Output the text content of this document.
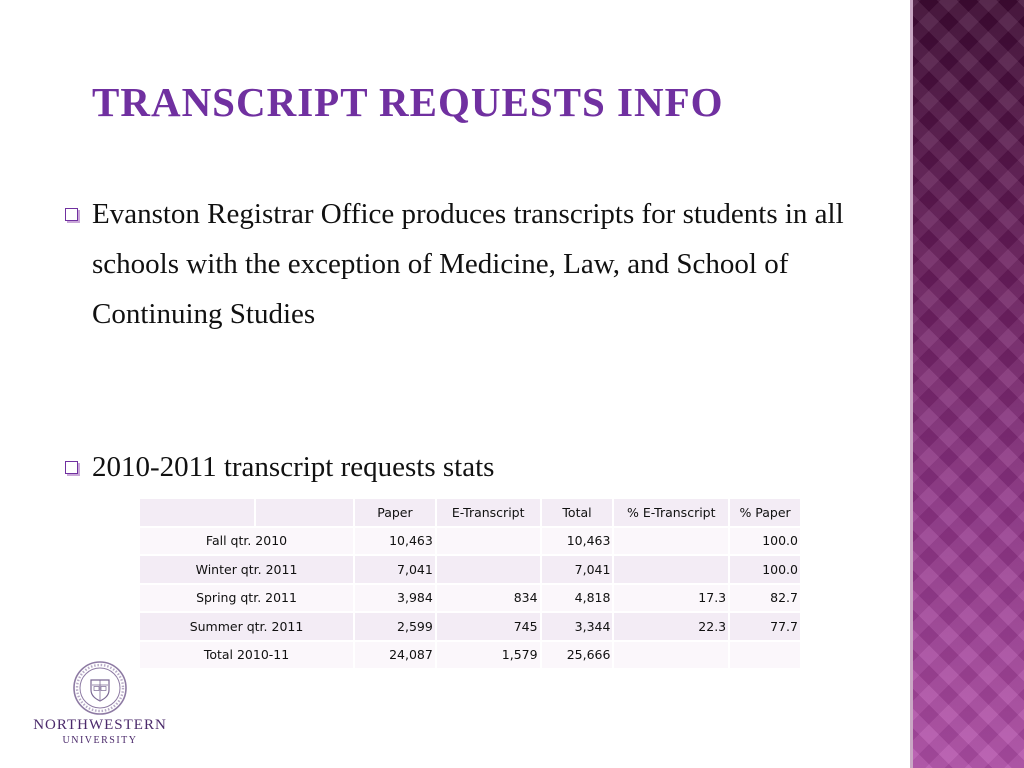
TRANSCRIPT REQUESTS INFO
Evanston Registrar Office produces transcripts for students in all schools with the exception of Medicine, Law, and School of Continuing Studies
2010-2011 transcript requests stats
		Paper	E-Transcript	Total	% E-Transcript	% Paper
Fall qtr. 2010		10,463		10,463		100.0
Winter qtr. 2011		7,041		7,041		100.0
Spring qtr. 2011		3,984	834	4,818	17.3	82.7
Summer qtr. 2011		2,599	745	3,344	22.3	77.7
Total 2010-11		24,087	1,579	25,666		
NORTHWESTERN
UNIVERSITY
